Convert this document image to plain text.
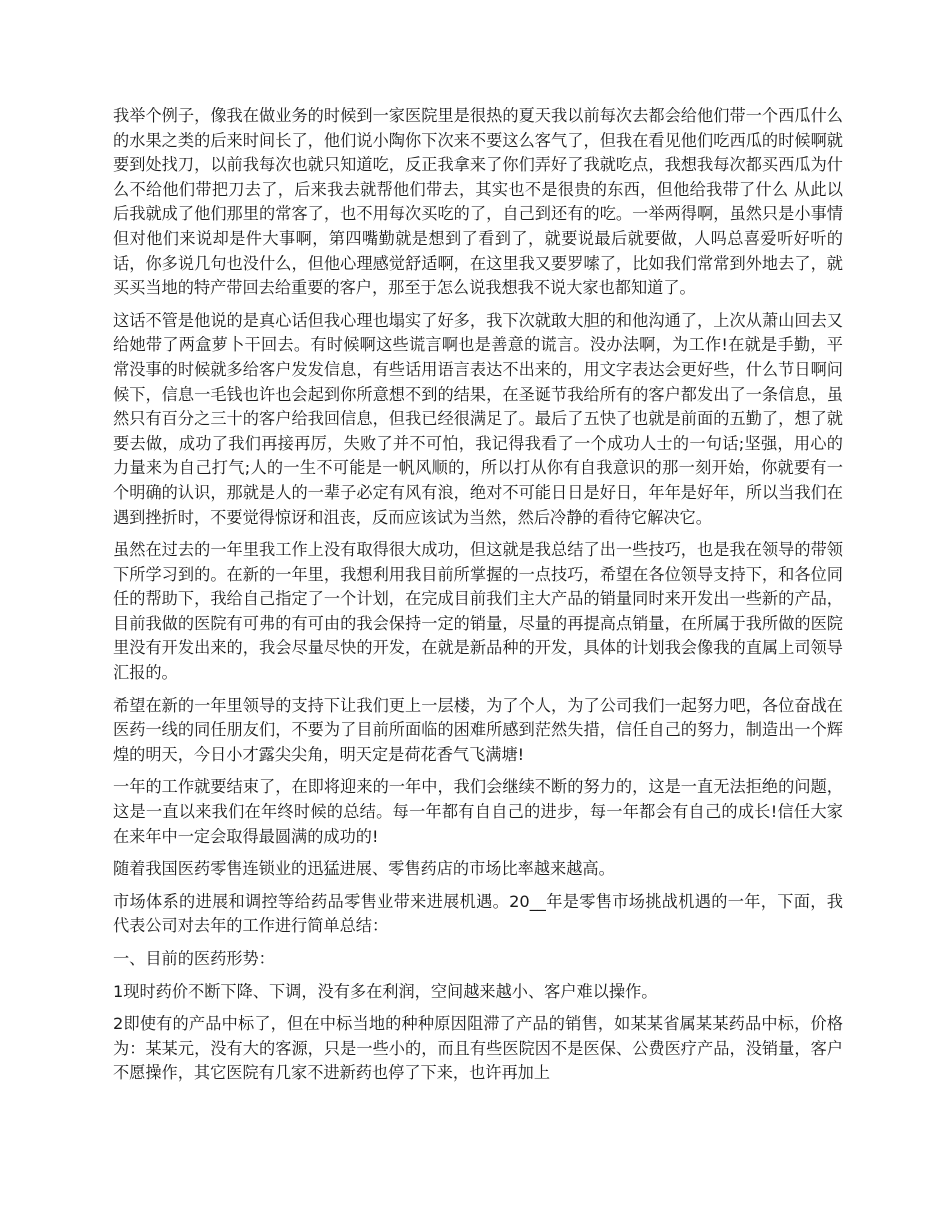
我举个例子，像我在做业务的时候到一家医院里是很热的夏天我以前每次去都会给他们带一个西瓜什么的水果之类的后来时间长了，他们说小陶你下次来不要这么客气了，但我在看见他们吃西瓜的时候啊就要到处找刀，以前我每次也就只知道吃，反正我拿来了你们弄好了我就吃点，我想我每次都买西瓜为什么不给他们带把刀去了，后来我去就帮他们带去，其实也不是很贵的东西，但他给我带了什么 从此以后我就成了他们那里的常客了，也不用每次买吃的了，自己到还有的吃。一举两得啊，虽然只是小事情但对他们来说却是件大事啊，第四嘴勤就是想到了看到了，就要说最后就要做，人吗总喜爱听好听的话，你多说几句也没什么，但他心理感觉舒适啊，在这里我又要罗嗦了，比如我们常常到外地去了，就买买当地的特产带回去给重要的客户，那至于怎么说我想我不说大家也都知道了。

这话不管是他说的是真心话但我心理也塌实了好多，我下次就敢大胆的和他沟通了，上次从萧山回去又给她带了两盒萝卜干回去。有时候啊这些谎言啊也是善意的谎言。没办法啊，为工作!在就是手勤，平常没事的时候就多给客户发发信息，有些话用语言表达不出来的，用文字表达会更好些，什么节日啊问候下，信息一毛钱也许也会起到你所意想不到的结果，在圣诞节我给所有的客户都发出了一条信息，虽然只有百分之三十的客户给我回信息，但我已经很满足了。最后了五快了也就是前面的五勤了，想了就要去做，成功了我们再接再厉，失败了并不可怕，我记得我看了一个成功人士的一句话;坚强，用心的力量来为自己打气;人的一生不可能是一帆风顺的，所以打从你有自我意识的那一刻开始，你就要有一个明确的认识，那就是人的一辈子必定有风有浪，绝对不可能日日是好日，年年是好年，所以当我们在遇到挫折时，不要觉得惊讶和沮丧，反而应该试为当然，然后冷静的看待它解决它。

虽然在过去的一年里我工作上没有取得很大成功，但这就是我总结了出一些技巧，也是我在领导的带领下所学习到的。在新的一年里，我想利用我目前所掌握的一点技巧，希望在各位领导支持下，和各位同任的帮助下，我给自己指定了一个计划，在完成目前我们主大产品的销量同时来开发出一些新的产品，目前我做的医院有可弗的有可由的我会保持一定的销量，尽量的再提高点销量，在所属于我所做的医院里没有开发出来的，我会尽量尽快的开发，在就是新品种的开发，具体的计划我会像我的直属上司领导汇报的。

希望在新的一年里领导的支持下让我们更上一层楼，为了个人，为了公司我们一起努力吧，各位奋战在医药一线的同任朋友们，不要为了目前所面临的困难所感到茫然失措，信任自己的努力，制造出一个辉煌的明天，今日小才露尖尖角，明天定是荷花香气飞满塘!

一年的工作就要结束了，在即将迎来的一年中，我们会继续不断的努力的，这是一直无法拒绝的问题，这是一直以来我们在年终时候的总结。每一年都有自自己的进步，每一年都会有自己的成长!信任大家在来年中一定会取得最圆满的成功的!

随着我国医药零售连锁业的迅猛进展、零售药店的市场比率越来越高。

市场体系的进展和调控等给药品零售业带来进展机遇。20__年是零售市场挑战机遇的一年，下面，我代表公司对去年的工作进行简单总结：

一、目前的医药形势：

1现时药价不断下降、下调，没有多在利润，空间越来越小、客户难以操作。

2即使有的产品中标了，但在中标当地的种种原因阻滞了产品的销售，如某某省属某某药品中标，价格为：某某元，没有大的客源，只是一些小的，而且有些医院因不是医保、公费医疗产品，没销量，客户不愿操作，其它医院有几家不进新药也停了下来，也许再加上
